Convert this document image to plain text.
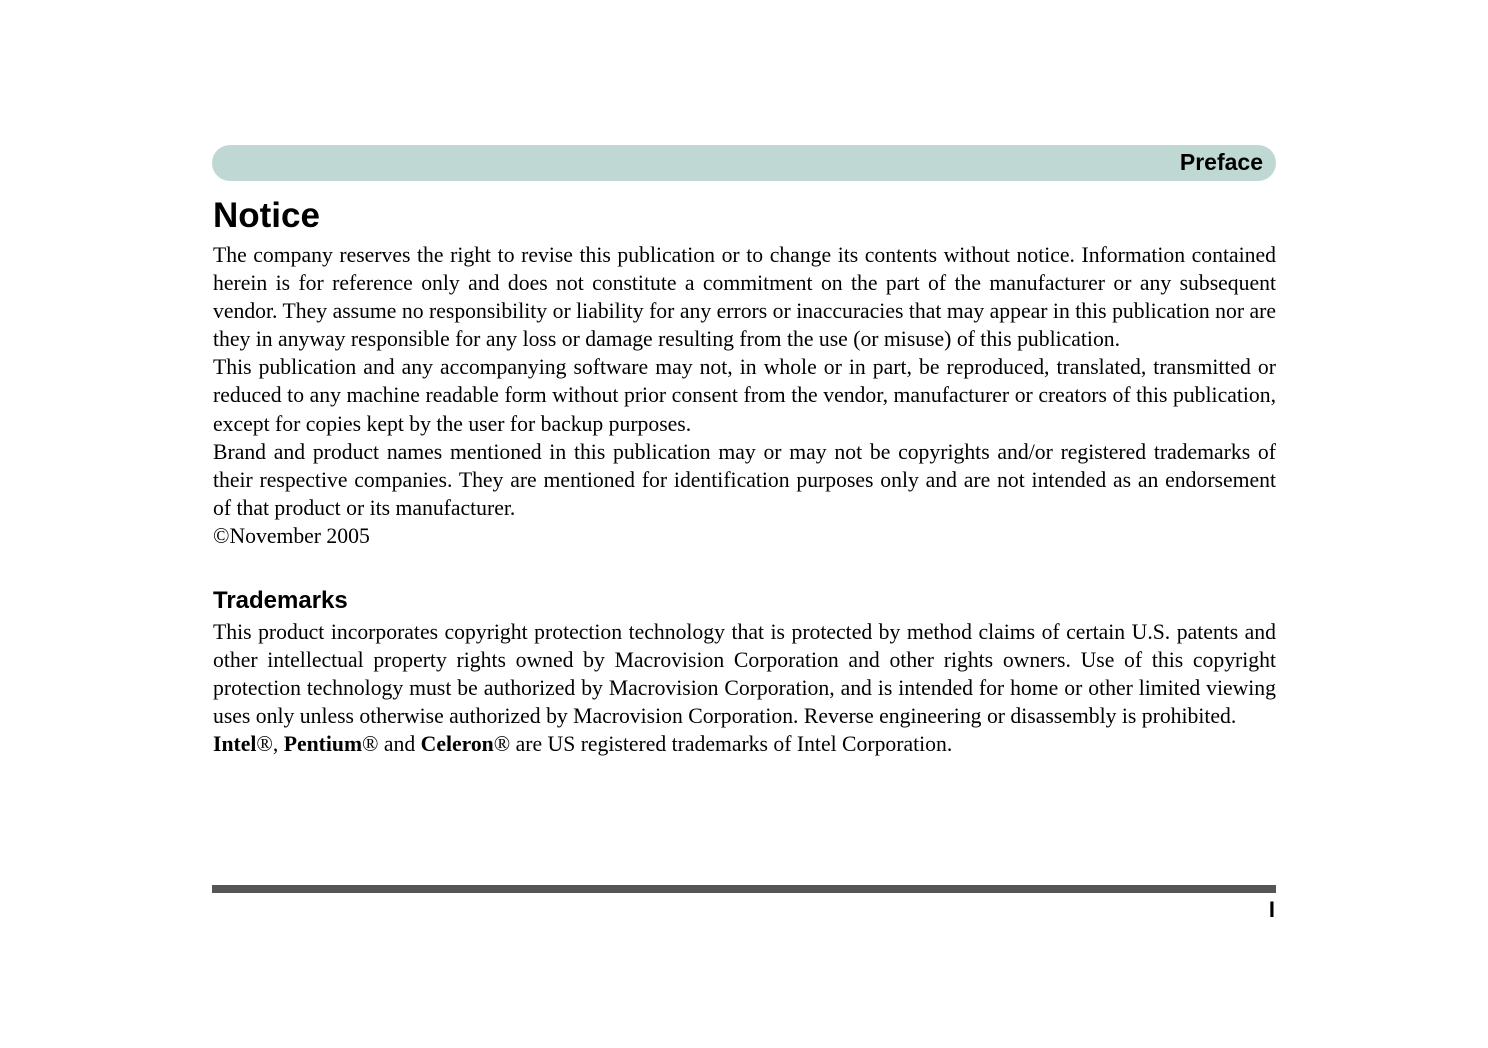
Preface
Notice

The company reserves the right to revise this publication or to change its contents without notice. Information contained herein is for reference only and does not constitute a commitment on the part of the manufacturer or any subsequent vendor. They assume no responsibility or liability for any errors or inaccuracies that may appear in this publication nor are they in anyway responsible for any loss or damage resulting from the use (or misuse) of this publication.

This publication and any accompanying software may not, in whole or in part, be reproduced, translated, transmitted or reduced to any machine readable form without prior consent from the vendor, manufacturer or creators of this publication, except for copies kept by the user for backup purposes.

Brand and product names mentioned in this publication may or may not be copyrights and/or registered trademarks of their respective companies. They are mentioned for identification purposes only and are not intended as an endorsement of that product or its manufacturer.

©November 2005

Trademarks

This product incorporates copyright protection technology that is protected by method claims of certain U.S. patents and other intellectual property rights owned by Macrovision Corporation and other rights owners. Use of this copyright protection technology must be authorized by Macrovision Corporation, and is intended for home or other limited viewing uses only unless otherwise authorized by Macrovision Corporation. Reverse engineering or disassembly is prohibited.

Intel®, Pentium® and Celeron® are US registered trademarks of Intel Corporation.

I
